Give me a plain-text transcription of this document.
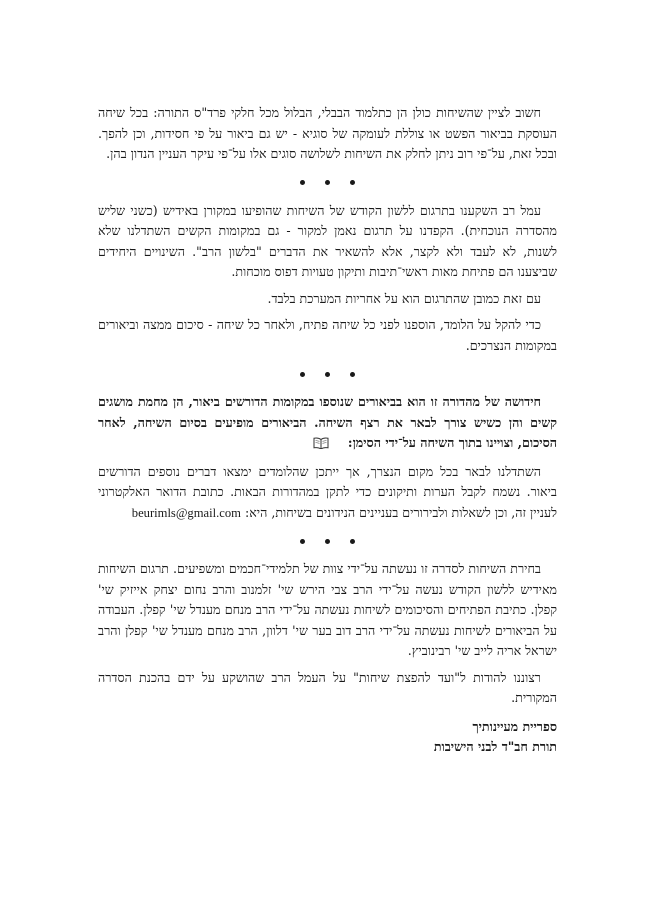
חשוב לציין שהשיחות כולן הן כתלמוד הבבלי, הבלול מכל חלקי פרד"ס התורה: בכל שיחה העוסקת בביאור הפשט או צוללת לעומקה של סוגיא - יש גם ביאור על פי חסידות, וכן להפך. ובכל זאת, על־פי רוב ניתן לחלק את השיחות לשלושה סוגים אלו על־פי עיקר העניין הנדון בהן.

עמל רב השקענו בתרגום ללשון הקודש של השיחות שהופיעו במקורן באידיש (כשני שליש מהסדרה הנוכחית). הקפדנו על תרגום נאמן למקור - גם במקומות הקשים השתדלנו שלא לשנות, לא לעבד ולא לקצר, אלא להשאיר את הדברים "בלשון הרב". השינויים היחידים שביצענו הם פתיחת מאות ראשי־תיבות ותיקון טעויות דפוס מוכחות.

עם זאת כמובן שהתרגום הוא על אחריות המערכת בלבד.

כדי להקל על הלומד, הוספנו לפני כל שיחה פתיח, ולאחר כל שיחה - סיכום ממצה וביאורים במקומות הנצרכים.

חידושה של מהדורה זו הוא בביאורים שנוספו במקומות הדורשים ביאור, הן מחמת מושגים קשים והן כשיש צורך לבאר את רצף השיחה. הביאורים מופיעים בסיום השיחה, לאחר הסיכום, וצויינו בתוך השיחה על־ידי הסימן:

השתדלנו לבאר בכל מקום הנצרך, אך ייתכן שהלומדים ימצאו דברים נוספים הדורשים ביאור. נשמח לקבל הערות ותיקונים כדי לתקן במהדורות הבאות. כתובת הדואר האלקטרוני לעניין זה, וכן לשאלות ולבירורים בעניינים הנידונים בשיחות, היא: beurimls@gmail.com

בחירת השיחות לסדרה זו נעשתה על־ידי צוות של תלמידי־חכמים ומשפיעים. תרגום השיחות מאידיש ללשון הקודש נעשה על־ידי הרב צבי הירש שי' זלמנוב והרב נחום יצחק אייזיק שי' קפלן. כתיבת הפתיחים והסיכומים לשיחות נעשתה על־ידי הרב מנחם מענדל שי' קפלן. העבודה על הביאורים לשיחות נעשתה על־ידי הרב דוב בער שי' דלוון, הרב מנחם מענדל שי' קפלן והרב ישראל אריה לייב שי' רבינוביץ.

רצוננו להודות ל"ועד להפצת שיחות" על העמל הרב שהושקע על ידם בהכנת הסדרה המקורית.

ספריית מעיינותיך

תורת חב"ד לבני הישיבות
